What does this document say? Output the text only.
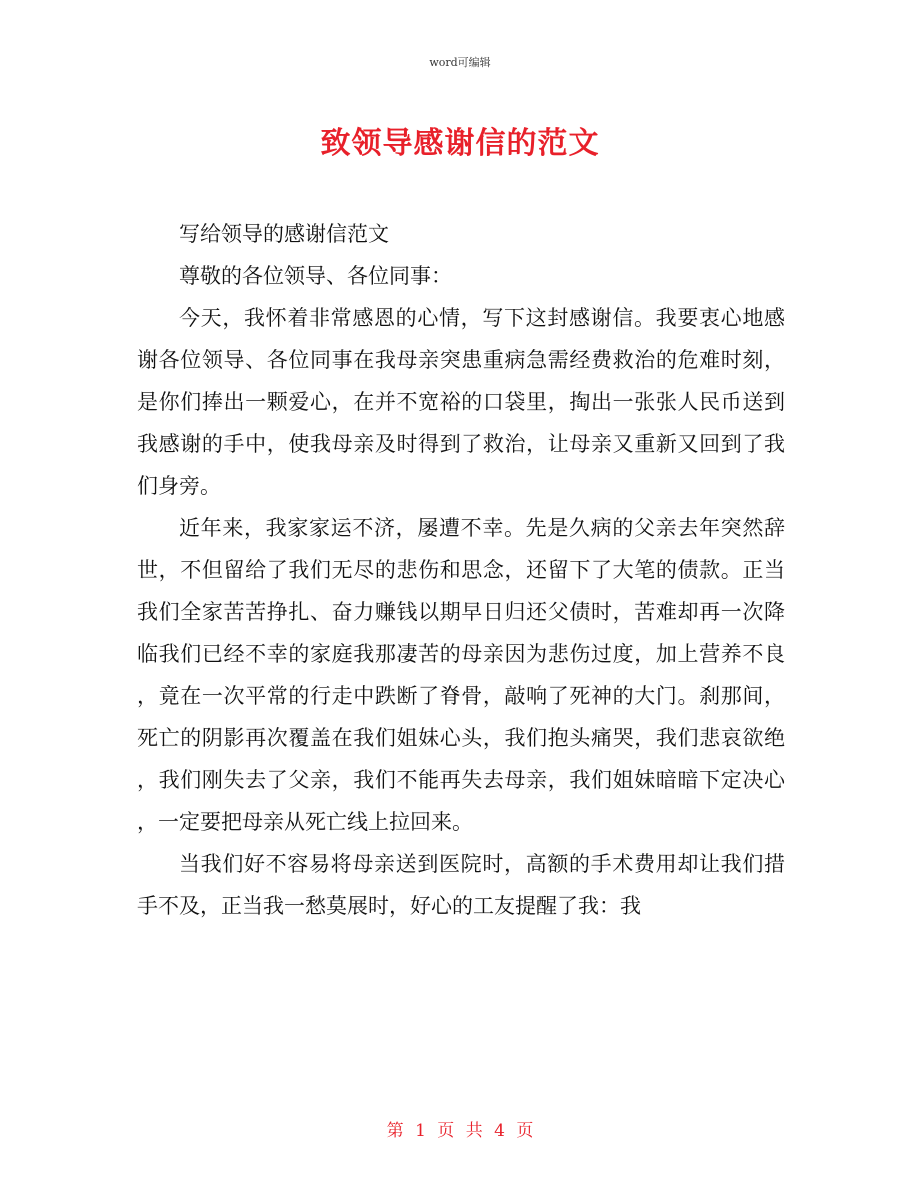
word可编辑
致领导感谢信的范文

写给领导的感谢信范文

尊敬的各位领导、各位同事：

今天，我怀着非常感恩的心情，写下这封感谢信。我要衷心地感谢各位领导、各位同事在我母亲突患重病急需经费救治的危难时刻，是你们捧出一颗爱心，在并不宽裕的口袋里，掏出一张张人民币送到我感谢的手中，使我母亲及时得到了救治，让母亲又重新又回到了我们身旁。

近年来，我家家运不济，屡遭不幸。先是久病的父亲去年突然辞世，不但留给了我们无尽的悲伤和思念，还留下了大笔的债款。正当我们全家苦苦挣扎、奋力赚钱以期早日归还父债时，苦难却再一次降临我们已经不幸的家庭我那凄苦的母亲因为悲伤过度，加上营养不良，竟在一次平常的行走中跌断了脊骨，敲响了死神的大门。刹那间，死亡的阴影再次覆盖在我们姐妹心头，我们抱头痛哭，我们悲哀欲绝，我们刚失去了父亲，我们不能再失去母亲，我们姐妹暗暗下定决心，一定要把母亲从死亡线上拉回来。

当我们好不容易将母亲送到医院时，高额的手术费用却让我们措手不及，正当我一愁莫展时，好心的工友提醒了我：我

第 1 页 共 4 页
